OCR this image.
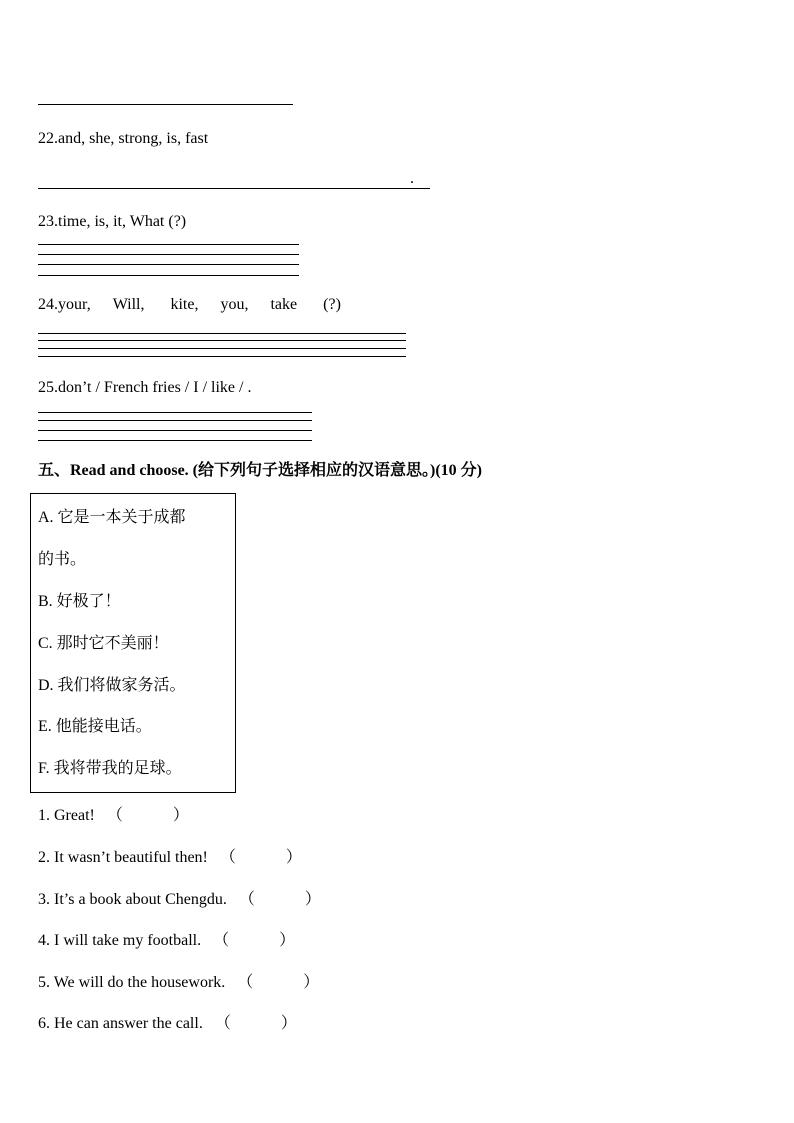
22.and, she, strong, is, fast
.
23.time, is, it, What (?)
24.your, Will, kite, you, take (?)
25.don’t / French fries / I / like / .
五、Read and choose. (给下列句子选择相应的汉语意思。)(10 分)
A. 它是一本关于成都
的书。
B. 好极了！
C. 那时它不美丽！
D. 我们将做家务活。
E. 他能接电话。
F. 我将带我的足球。
1. Great! （	）
2. It wasn’t beautiful then! （	）
3. It’s a book about Chengdu. （	）
4. I will take my football. （	）
5. We will do the housework. （	）
6. He can answer the call. （	）
